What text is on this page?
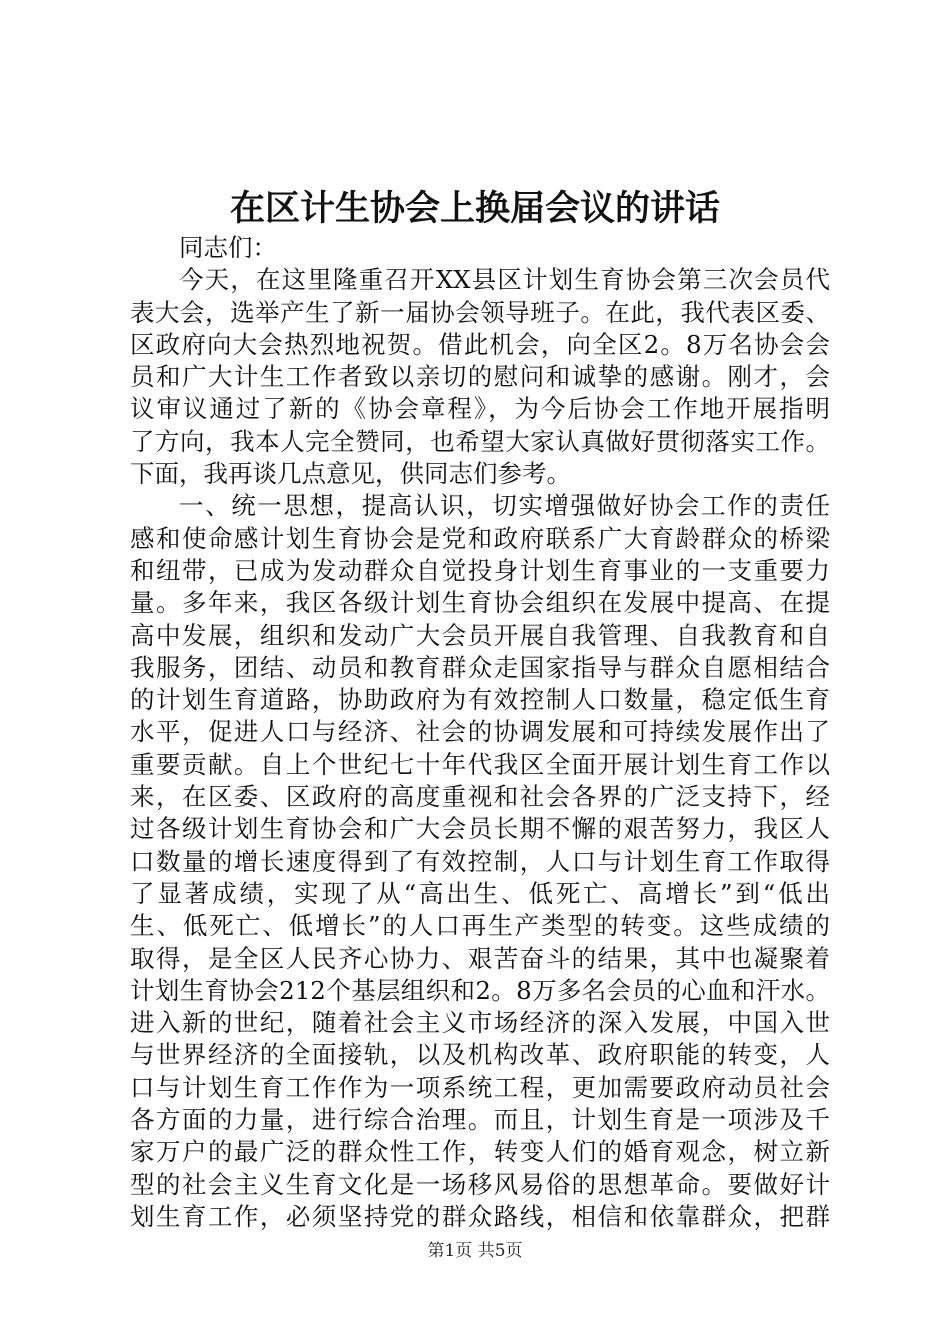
在区计生协会上换届会议的讲话
同志们：
今天，在这里隆重召开XX县区计划生育协会第三次会员代
表大会，选举产生了新一届协会领导班子。在此，我代表区委、
区政府向大会热烈地祝贺。借此机会，向全区2。8万名协会会
员和广大计生工作者致以亲切的慰问和诚挚的感谢。刚才，会
议审议通过了新的《协会章程》，为今后协会工作地开展指明
了方向，我本人完全赞同，也希望大家认真做好贯彻落实工作。
下面，我再谈几点意见，供同志们参考。
一、统一思想，提高认识，切实增强做好协会工作的责任
感和使命感计划生育协会是党和政府联系广大育龄群众的桥梁
和纽带，已成为发动群众自觉投身计划生育事业的一支重要力
量。多年来，我区各级计划生育协会组织在发展中提高、在提
高中发展，组织和发动广大会员开展自我管理、自我教育和自
我服务，团结、动员和教育群众走国家指导与群众自愿相结合
的计划生育道路，协助政府为有效控制人口数量，稳定低生育
水平，促进人口与经济、社会的协调发展和可持续发展作出了
重要贡献。自上个世纪七十年代我区全面开展计划生育工作以
来，在区委、区政府的高度重视和社会各界的广泛支持下，经
过各级计划生育协会和广大会员长期不懈的艰苦努力，我区人
口数量的增长速度得到了有效控制，人口与计划生育工作取得
了显著成绩，实现了从“高出生、低死亡、高增长”到“低出
生、低死亡、低增长”的人口再生产类型的转变。这些成绩的
取得，是全区人民齐心协力、艰苦奋斗的结果，其中也凝聚着
计划生育协会212个基层组织和2。8万多名会员的心血和汗水。
进入新的世纪，随着社会主义市场经济的深入发展，中国入世
与世界经济的全面接轨，以及机构改革、政府职能的转变，人
口与计划生育工作作为一项系统工程，更加需要政府动员社会
各方面的力量，进行综合治理。而且，计划生育是一项涉及千
家万户的最广泛的群众性工作，转变人们的婚育观念，树立新
型的社会主义生育文化是一场移风易俗的思想革命。要做好计
划生育工作，必须坚持党的群众路线，相信和依靠群众，把群
第1页 共5页
